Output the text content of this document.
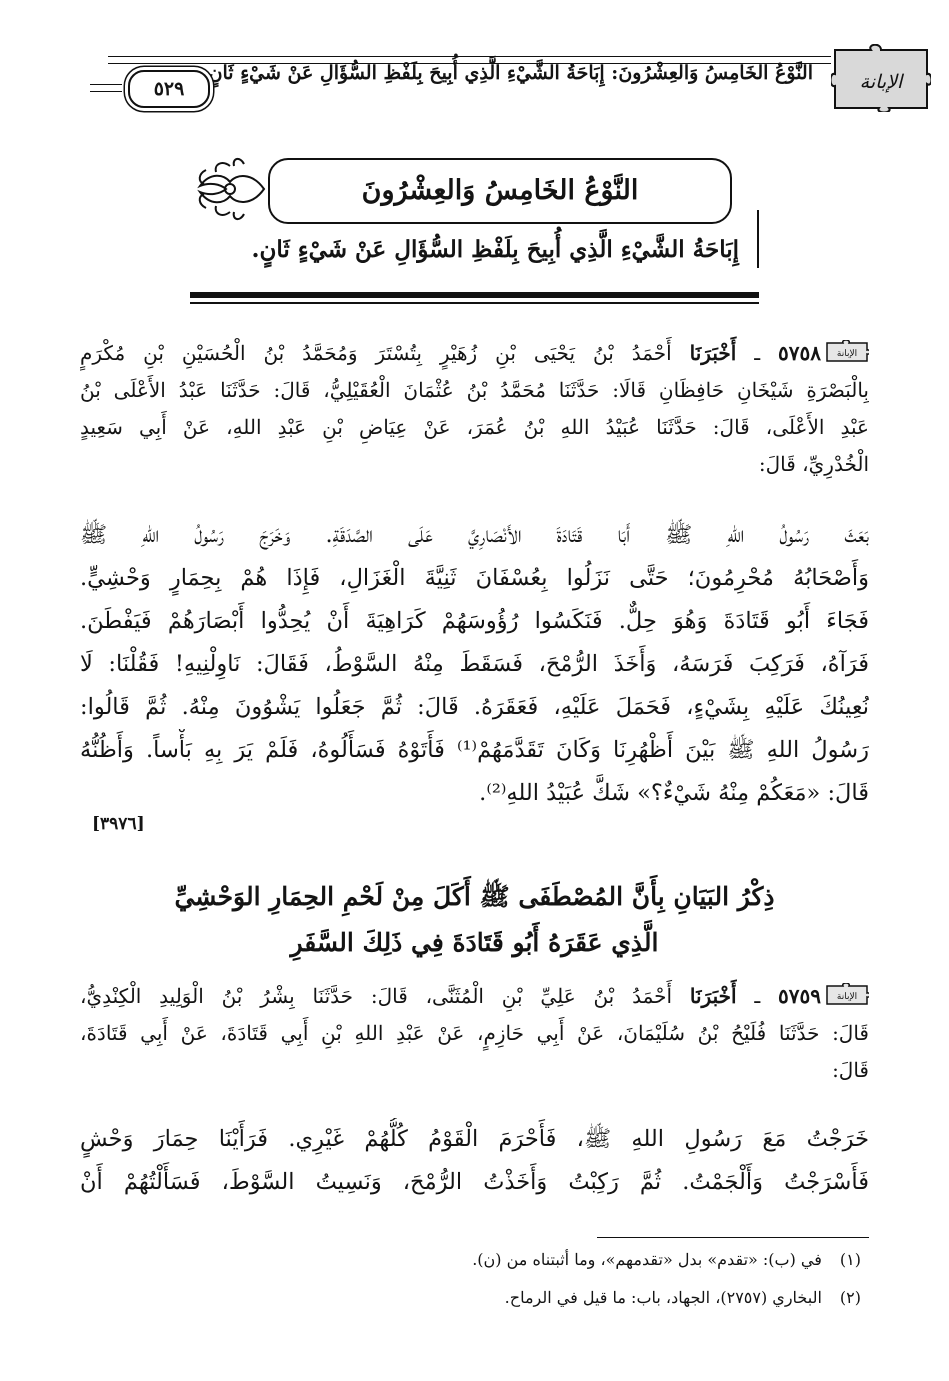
الإبانة
النَّوْعُ الخَامِسُ وَالعِشْرُونَ: إِبَاحَةُ الشَّيْءِ الَّذِي أُبِيحَ بِلَفْظِ السُّؤَالِ عَنْ شَيْءٍ ثَانٍ
٥٢٩
النَّوْعُ الخَامِسُ وَالعِشْرُونَ
إِبَاحَةُ الشَّيْءِ الَّذِي أُبِيحَ بِلَفْظِ السُّؤَالِ عَنْ شَيْءٍ ثَانٍ.
الإبانة
٥٧٥٨ ـ أَخْبَرَنَا أَحْمَدُ بْنُ يَحْيَى بْنِ زُهَيْرٍ بِتُسْتَرَ وَمُحَمَّدُ بْنُ الْحُسَيْنِ بْنِ مُكْرَمٍ
بِالْبَصْرَةِ شَيْخَانِ حَافِظَانِ قَالَا: حَدَّثَنَا مُحَمَّدُ بْنُ عُثْمَانَ الْعُقَيْلِيُّ، قَالَ: حَدَّثَنَا عَبْدُ الأَعْلَى بْنُ
عَبْدِ الأَعْلَى، قَالَ: حَدَّثَنَا عُبَيْدُ اللهِ بْنُ عُمَرَ، عَنْ عِيَاضِ بْنِ عَبْدِ اللهِ، عَنْ أَبِي سَعِيدٍ
الْخُدْرِيِّ، قَالَ:
بَعَثَ رَسُولُ اللهِ ﷺ أَبَا قَتَادَةَ الأَنْصَارِيَّ عَلَى الصَّدَقَةِ. وَخَرَجَ رَسُولُ اللهِ ﷺ
وَأَصْحَابُهُ مُحْرِمُونَ؛ حَتَّى نَزَلُوا بِعُسْفَانَ ثَنِيَّةَ الْغَزَالِ، فَإِذَا هُمْ بِحِمَارٍ وَحْشِيٍّ.
فَجَاءَ أَبُو قَتَادَةَ وَهُوَ حِلٌّ. فَنَكَسُوا رُؤُوسَهُمْ كَرَاهِيَةَ أَنْ يُحِدُّوا أَبْصَارَهُمْ فَيَفْطَنَ.
فَرَآهُ، فَرَكِبَ فَرَسَهُ، وَأَخَذَ الرُّمْحَ، فَسَقَطَ مِنْهُ السَّوْطُ، فَقَالَ: نَاوِلْنِيهِ! فَقُلْنَا: لَا
نُعِينُكَ عَلَيْهِ بِشَيْءٍ، فَحَمَلَ عَلَيْهِ، فَعَقَرَهُ. قَالَ: ثُمَّ جَعَلُوا يَشْوُونَ مِنْهُ. ثُمَّ قَالُوا:
رَسُولُ اللهِ ﷺ بَيْنَ أَظْهُرِنَا وَكَانَ تَقَدَّمَهُمْ⁽¹⁾ فَأَتَوْهُ فَسَأَلُوهُ، فَلَمْ يَرَ بِهِ بَأْساً. وَأَظُنُّهُ
قَالَ: «مَعَكُمْ مِنْهُ شَيْءٌ؟» شَكَّ عُبَيْدُ اللهِ⁽²⁾.
[٣٩٧٦]
ذِكْرُ البَيَانِ بِأَنَّ المُصْطَفَى ﷺ أَكَلَ مِنْ لَحْمِ الحِمَارِ الوَحْشِيِّ
الَّذِي عَقَرَهُ أَبُو قَتَادَةَ فِي ذَلِكَ السَّفَرِ
الإبانة
٥٧٥٩ ـ أَخْبَرَنَا أَحْمَدُ بْنُ عَلِيِّ بْنِ الْمُثَنَّى، قَالَ: حَدَّثَنَا بِشْرُ بْنُ الْوَلِيدِ الْكِنْدِيُّ،
قَالَ: حَدَّثَنَا فُلَيْحُ بْنُ سُلَيْمَانَ، عَنْ أَبِي حَازِمٍ، عَنْ عَبْدِ اللهِ بْنِ أَبِي قَتَادَةَ، عَنْ أَبِي قَتَادَةَ،
قَالَ:
خَرَجْتُ مَعَ رَسُولِ اللهِ ﷺ، فَأَحْرَمَ الْقَوْمُ كُلُّهُمْ غَيْرِي. فَرَأَيْنَا حِمَارَ وَحْشٍ
فَأَسْرَجْتُ وَأَلْجَمْتُ. ثُمَّ رَكِبْتُ وَأَخَذْتُ الرُّمْحَ، وَنَسِيتُ السَّوْطَ، فَسَأَلْتُهُمْ أَنْ
(١)في (ب): «تقدم» بدل «تقدمهم»، وما أثبتناه من (ن).
(٢)البخاري (٢٧٥٧)، الجهاد، باب: ما قيل في الرماح.
